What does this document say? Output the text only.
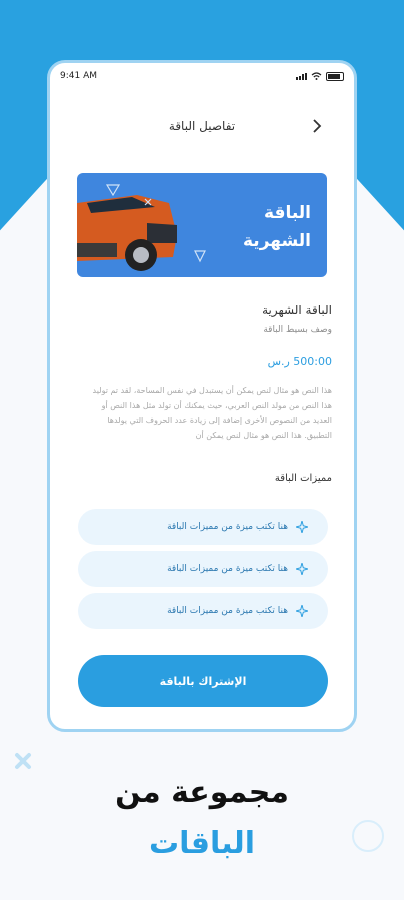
9:41 AM
تفاصيل الباقة
الباقة
الشهرية
الباقة الشهرية
وصف بسيط الباقة
500:00 ر.س
هذا النص هو مثال لنص يمكن أن يستبدل في نفس المساحة، لقد تم توليد هذا النص من مولد النص العربي، حيث يمكنك أن تولد مثل هذا النص أو العديد من النصوص الأخرى إضافة إلى زيادة عدد الحروف التي يولدها التطبيق. هذا النص هو مثال لنص يمكن أن
مميزات الباقة
هنا تكتب ميزة من مميزات الباقة
هنا تكتب ميزة من مميزات الباقة
هنا تكتب ميزة من مميزات الباقة
الإشتراك بالباقة
مجموعة من
الباقات
